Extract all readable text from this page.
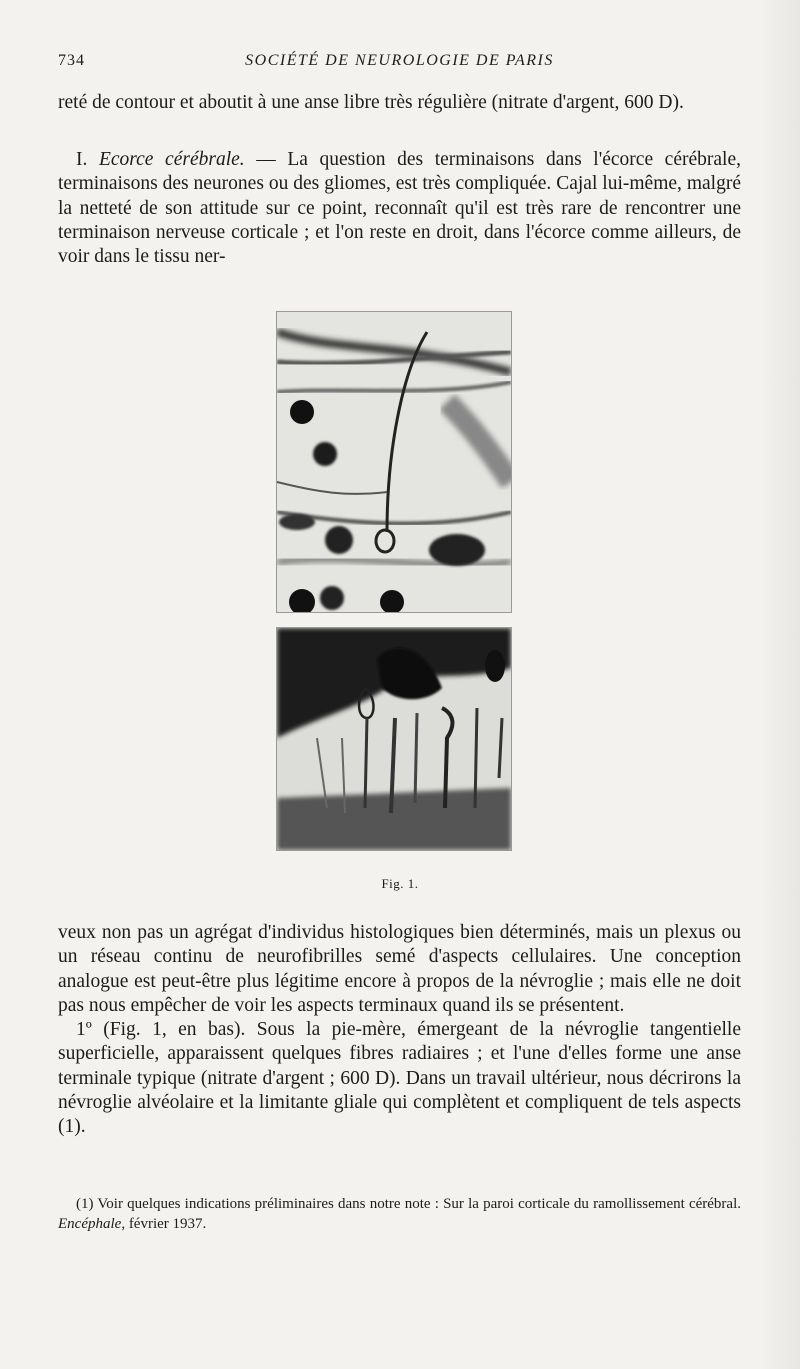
734	SOCIÉTÉ DE NEUROLOGIE DE PARIS

reté de contour et aboutit à une anse libre très régulière (nitrate d'argent, 600 D).

I. Ecorce cérébrale. — La question des terminaisons dans l'écorce cérébrale, terminaisons des neurones ou des gliomes, est très compliquée. Cajal lui-même, malgré la netteté de son attitude sur ce point, reconnaît qu'il est très rare de rencontrer une terminaison nerveuse corticale ; et l'on reste en droit, dans l'écorce comme ailleurs, de voir dans le tissu ner-

Fig. 1.

veux non pas un agrégat d'individus histologiques bien déterminés, mais un plexus ou un réseau continu de neurofibrilles semé d'aspects cellulaires. Une conception analogue est peut-être plus légitime encore à propos de la névroglie ; mais elle ne doit pas nous empêcher de voir les aspects terminaux quand ils se présentent.

1º (Fig. 1, en bas). Sous la pie-mère, émergeant de la névroglie tangentielle superficielle, apparaissent quelques fibres radiaires ; et l'une d'elles forme une anse terminale typique (nitrate d'argent ; 600 D). Dans un travail ultérieur, nous décrirons la névroglie alvéolaire et la limitante gliale qui complètent et compliquent de tels aspects (1).

(1) Voir quelques indications préliminaires dans notre note : Sur la paroi corticale du ramollissement cérébral. Encéphale, février 1937.
